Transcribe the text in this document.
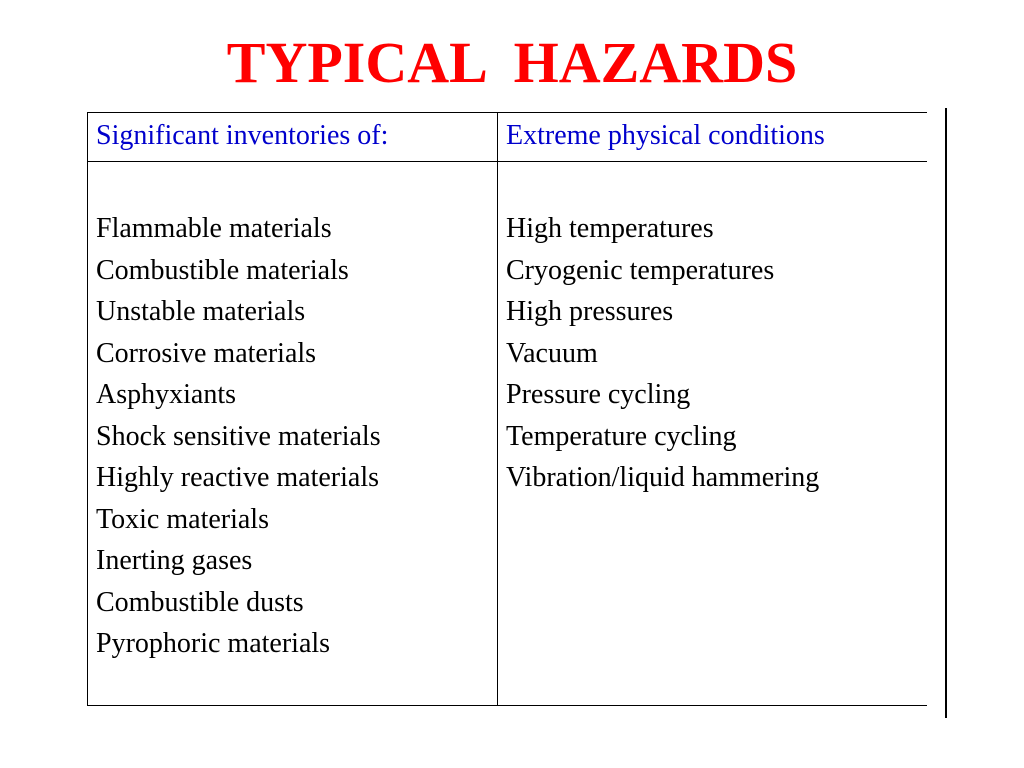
TYPICAL  HAZARDS
Significant inventories of:	Extreme physical conditions
Flammable materials
Combustible materials
Unstable materials
Corrosive materials
Asphyxiants
Shock sensitive materials
Highly reactive materials
Toxic materials
Inerting gases
Combustible dusts
Pyrophoric materials
High temperatures
Cryogenic temperatures
High pressures
Vacuum
Pressure cycling
Temperature cycling
Vibration/liquid hammering
